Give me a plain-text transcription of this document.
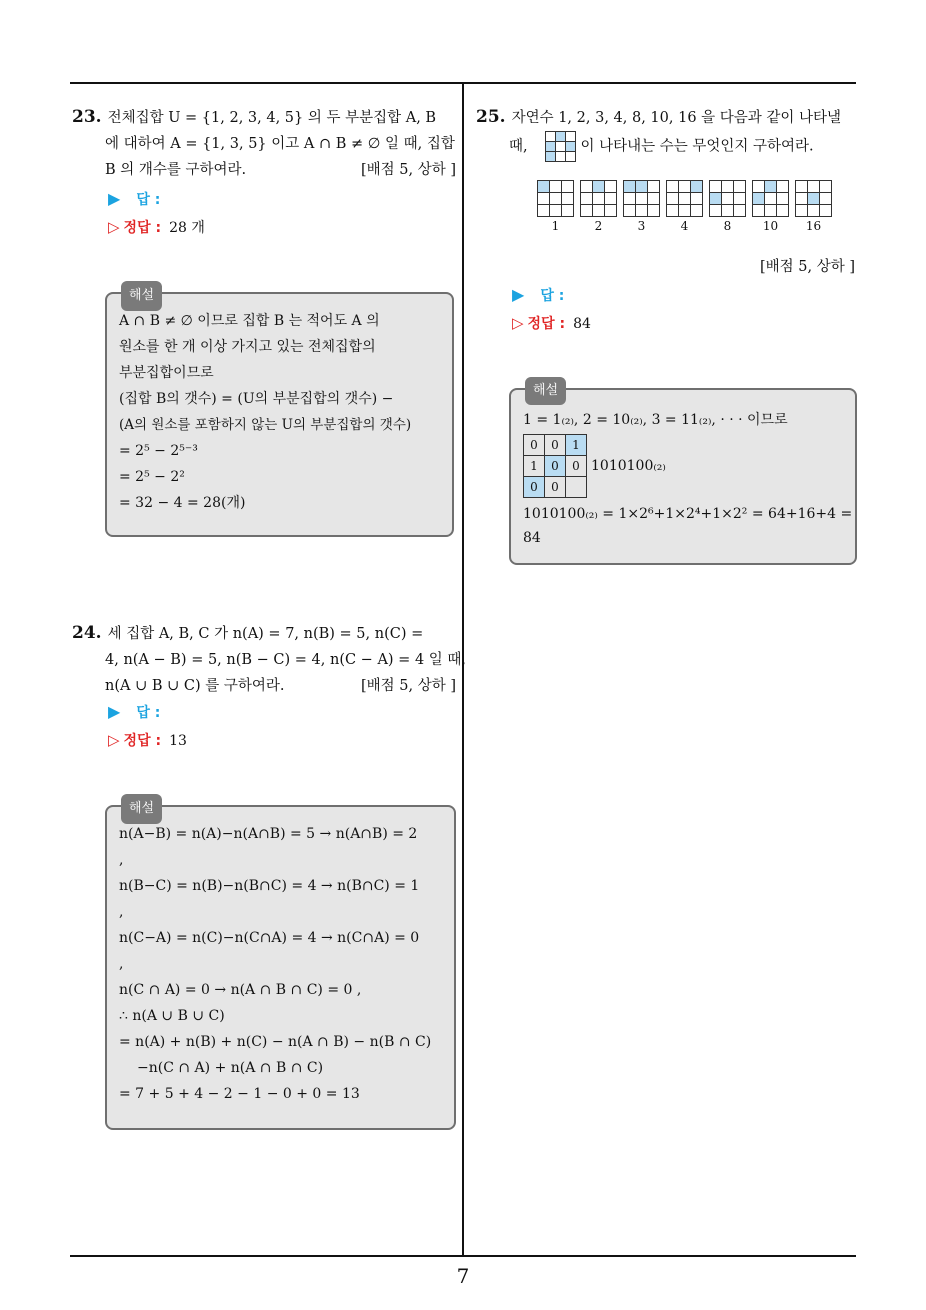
7
23. 전체집합 U = {1, 2, 3, 4, 5} 의 두 부분집합 A, B
에 대하여 A = {1, 3, 5} 이고 A ∩ B ≠ ∅ 일 때, 집합
B 의 개수를 구하여라.	[배점 5, 상하 ]
▶ 답 :
▷ 정답 : 28 개
해설
A ∩ B ≠ ∅ 이므로 집합 B 는 적어도 A 의
원소를 한 개 이상 가지고 있는 전체집합의
부분집합이므로
(집합 B의 갯수) = (U의 부분집합의 갯수) −
(A의 원소를 포함하지 않는 U의 부분집합의 갯수)
= 2⁵ − 2⁵⁻³
= 2⁵ − 2²
= 32 − 4 = 28(개)
24. 세 집합 A, B, C 가 n(A) = 7, n(B) = 5, n(C) =
4, n(A − B) = 5, n(B − C) = 4, n(C − A) = 4 일 때,
n(A ∪ B ∪ C) 를 구하여라.	[배점 5, 상하 ]
▶ 답 :
▷ 정답 : 13
해설
n(A−B) = n(A)−n(A∩B) = 5 → n(A∩B) = 2
,
n(B−C) = n(B)−n(B∩C) = 4 → n(B∩C) = 1
,
n(C−A) = n(C)−n(C∩A) = 4 → n(C∩A) = 0
,
n(C ∩ A) = 0 → n(A ∩ B ∩ C) = 0 ,
∴ n(A ∪ B ∪ C)
= n(A) + n(B) + n(C) − n(A ∩ B) − n(B ∩ C)
−n(C ∩ A) + n(A ∩ B ∩ C)
= 7 + 5 + 4 − 2 − 1 − 0 + 0 = 13
25. 자연수 1, 2, 3, 4, 8, 10, 16 을 다음과 같이 나타낼
때,	이 나타내는 수는 무엇인지 구하여라.
1	2	3	4	8	10 16
[배점 5, 상하 ]
▶ 답 :
▷ 정답 : 84
해설
1 = 1₍₂₎, 2 = 10₍₂₎, 3 = 11₍₂₎, · · · 이므로
0	0	1
1	0	0
0	0	
1010100₍₂₎
1010100₍₂₎ = 1×2⁶+1×2⁴+1×2² = 64+16+4 =
84
